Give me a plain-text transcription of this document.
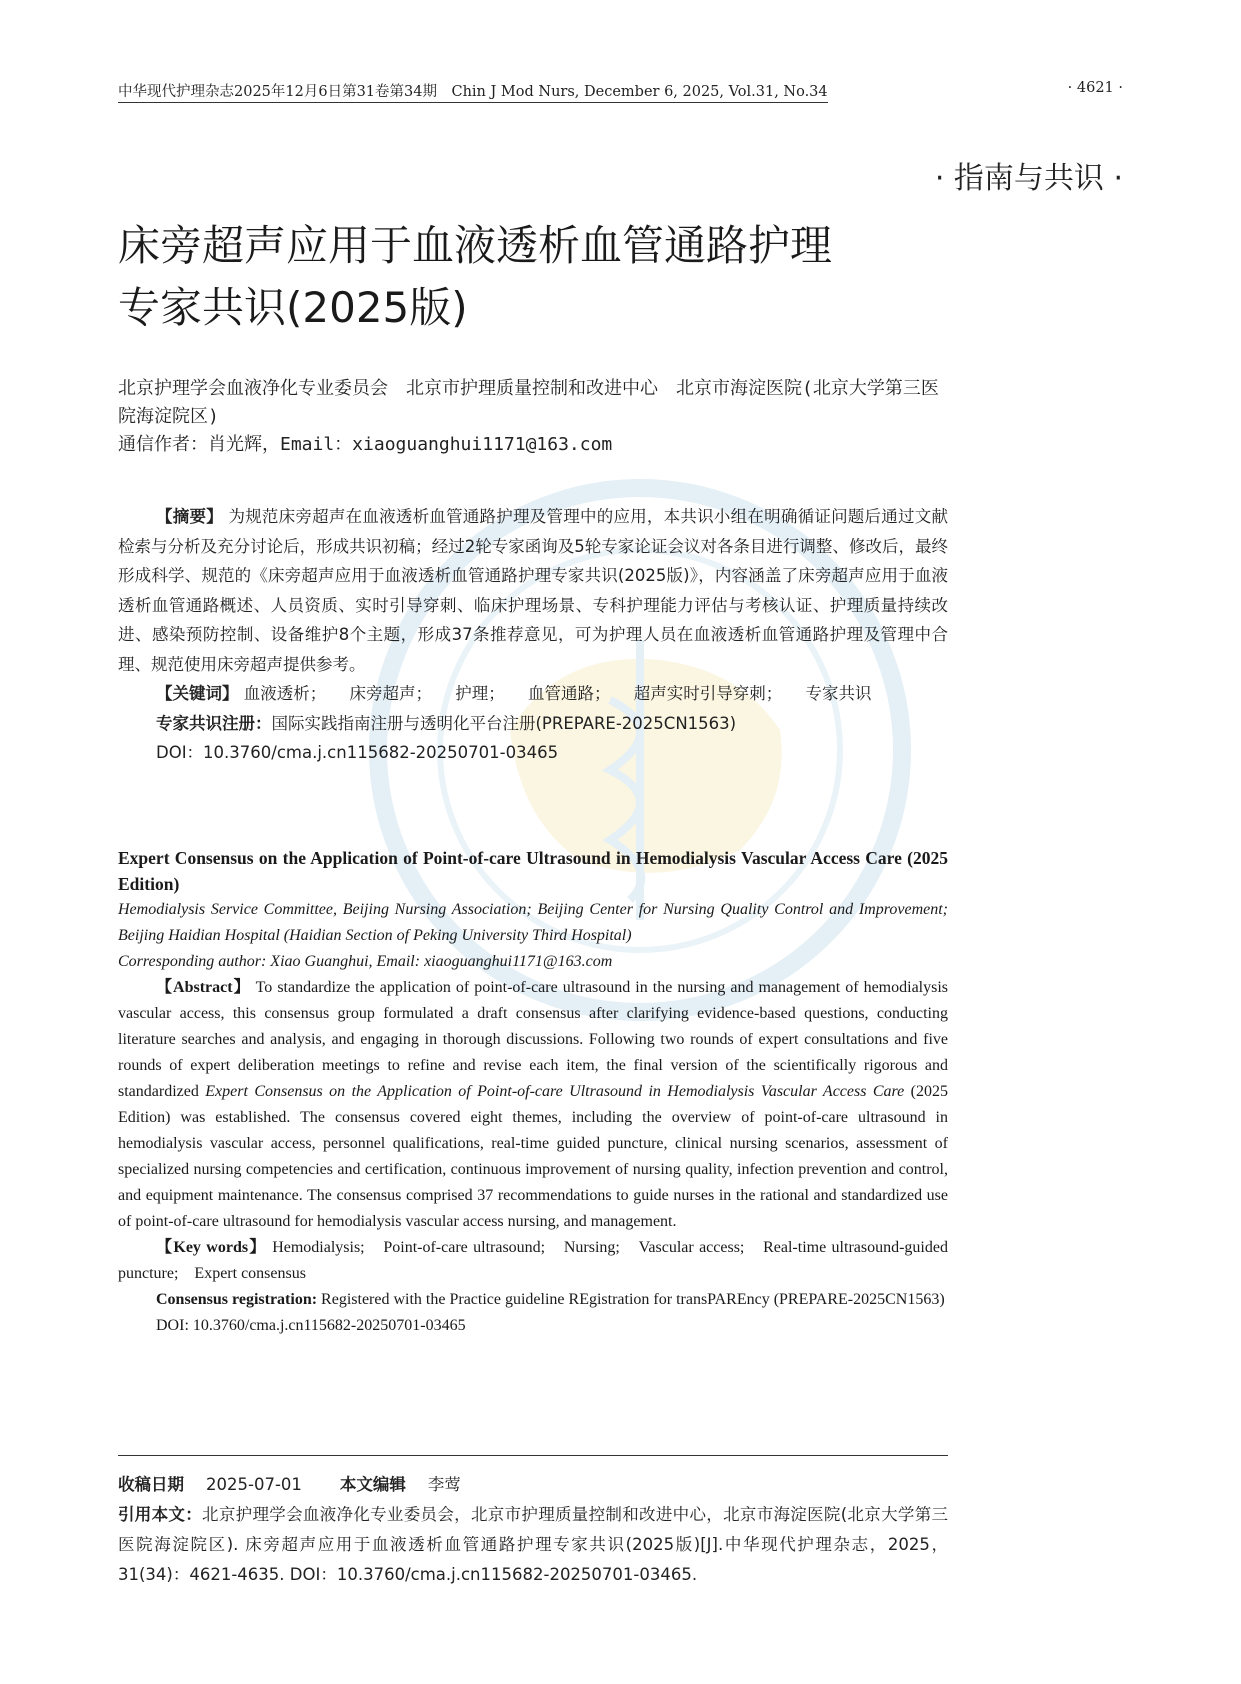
中华现代护理杂志2025年12月6日第31卷第34期　Chin J Mod Nurs, December 6, 2025, Vol.31, No.34	· 4621 ·
· 指南与共识 ·
床旁超声应用于血液透析血管通路护理
专家共识(2025版)
北京护理学会血液净化专业委员会　北京市护理质量控制和改进中心　北京市海淀医院(北京大学第三医院海淀院区)
通信作者：肖光辉，Email：xiaoguanghui1171@163.com

【摘要】 为规范床旁超声在血液透析血管通路护理及管理中的应用，本共识小组在明确循证问题后通过文献检索与分析及充分讨论后，形成共识初稿；经过2轮专家函询及5轮专家论证会议对各条目进行调整、修改后，最终形成科学、规范的《床旁超声应用于血液透析血管通路护理专家共识(2025版)》，内容涵盖了床旁超声应用于血液透析血管通路概述、人员资质、实时引导穿刺、临床护理场景、专科护理能力评估与考核认证、护理质量持续改进、感染预防控制、设备维护8个主题，形成37条推荐意见，可为护理人员在血液透析血管通路护理及管理中合理、规范使用床旁超声提供参考。

【关键词】 血液透析； 床旁超声； 护理； 血管通路； 超声实时引导穿刺； 专家共识

专家共识注册：国际实践指南注册与透明化平台注册(PREPARE-2025CN1563)

DOI：10.3760/cma.j.cn115682-20250701-03465

Expert Consensus on the Application of Point-of-care Ultrasound in Hemodialysis Vascular Access Care (2025 Edition)

Hemodialysis Service Committee, Beijing Nursing Association; Beijing Center for Nursing Quality Control and Improvement; Beijing Haidian Hospital (Haidian Section of Peking University Third Hospital)

Corresponding author: Xiao Guanghui, Email: xiaoguanghui1171@163.com

【Abstract】 To standardize the application of point-of-care ultrasound in the nursing and management of hemodialysis vascular access, this consensus group formulated a draft consensus after clarifying evidence-based questions, conducting literature searches and analysis, and engaging in thorough discussions. Following two rounds of expert consultations and five rounds of expert deliberation meetings to refine and revise each item, the final version of the scientifically rigorous and standardized Expert Consensus on the Application of Point-of-care Ultrasound in Hemodialysis Vascular Access Care (2025 Edition) was established. The consensus covered eight themes, including the overview of point-of-care ultrasound in hemodialysis vascular access, personnel qualifications, real-time guided puncture, clinical nursing scenarios, assessment of specialized nursing competencies and certification, continuous improvement of nursing quality, infection prevention and control, and equipment maintenance. The consensus comprised 37 recommendations to guide nurses in the rational and standardized use of point-of-care ultrasound for hemodialysis vascular access nursing, and management.

【Key words】 Hemodialysis;　Point-of-care ultrasound;　Nursing;　Vascular access;　Real-time ultrasound-guided puncture;　Expert consensus

Consensus registration: Registered with the Practice guideline REgistration for transPAREncy (PREPARE-2025CN1563)

DOI: 10.3760/cma.j.cn115682-20250701-03465

收稿日期 2025-07-01 本文编辑 李莺

引用本文：北京护理学会血液净化专业委员会，北京市护理质量控制和改进中心，北京市海淀医院(北京大学第三医院海淀院区). 床旁超声应用于血液透析血管通路护理专家共识(2025版)[J].中华现代护理杂志，2025，31(34)：4621-4635. DOI：10.3760/cma.j.cn115682-20250701-03465.
